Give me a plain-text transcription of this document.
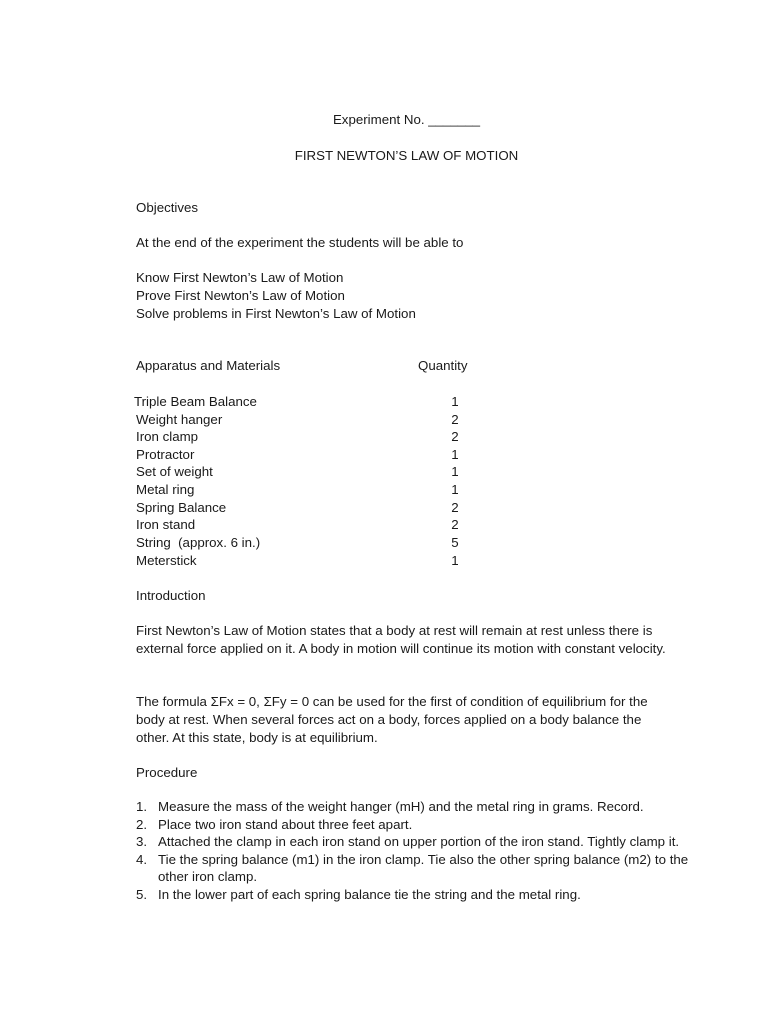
Experiment No. _______
FIRST NEWTON’S LAW OF MOTION
Objectives
At the end of the experiment the students will be able to
Know First Newton’s Law of Motion
Prove First Newton’s Law of Motion
Solve problems in First Newton’s Law of Motion
Apparatus and Materials	Quantity
Triple Beam Balance	1
Weight hanger	2
Iron clamp	2
Protractor	1
Set of weight	1
Metal ring	1
Spring Balance	2
Iron stand	2
String  (approx. 6 in.)	5
Meterstick	1
Introduction
First Newton’s Law of Motion states that a body at rest will remain at rest unless there is external force applied on it. A body in motion will continue its motion with constant velocity.
The formula ΣFx = 0, ΣFy = 0 can be used for the first of condition of equilibrium for the body at rest. When several forces act on a body, forces applied on a body balance the other. At this state, body is at equilibrium.
Procedure
1. Measure the mass of the weight hanger (mH) and the metal ring in grams. Record.
2. Place two iron stand about three feet apart.
3. Attached the clamp in each iron stand on upper portion of the iron stand. Tightly clamp it.
4. Tie the spring balance (m1) in the iron clamp. Tie also the other spring balance (m2) to the other iron clamp.
5. In the lower part of each spring balance tie the string and the metal ring.
